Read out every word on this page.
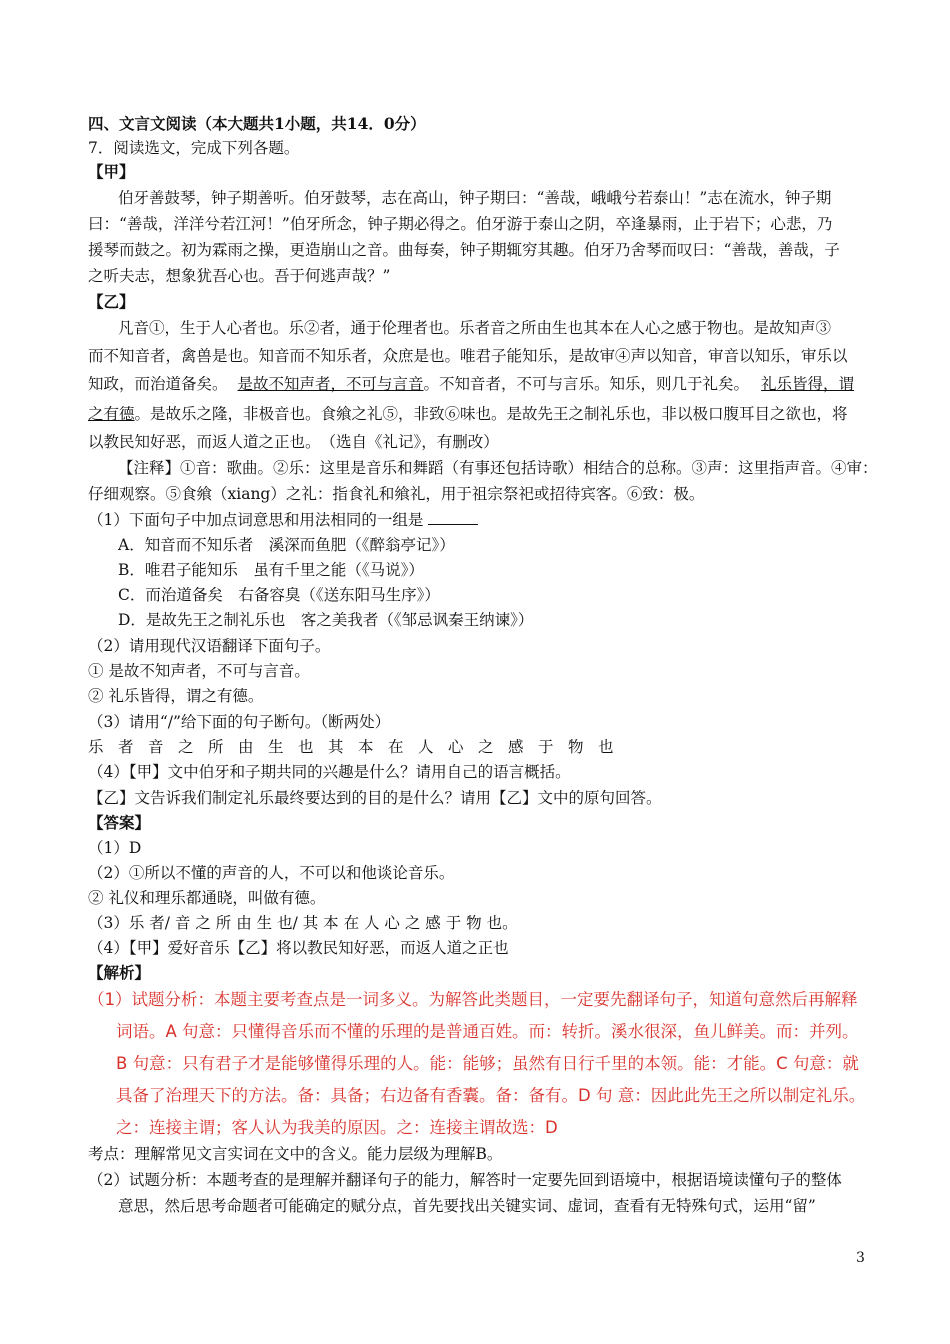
四、文言文阅读（本大题共1小题，共14．0分）
7．阅读选文，完成下列各题。
【甲】
伯牙善鼓琴，钟子期善听。伯牙鼓琴，志在高山，钟子期曰：“善哉，峨峨兮若泰山！”志在流水，钟子期
曰：“善哉，洋洋兮若江河！”伯牙所念，钟子期必得之。伯牙游于泰山之阴，卒逢暴雨，止于岩下；心悲，乃
援琴而鼓之。初为霖雨之操，更造崩山之音。曲每奏，钟子期辄穷其趣。伯牙乃舍琴而叹曰：“善哉，善哉，子
之听夫志，想象犹吾心也。吾于何逃声哉？”
【乙】
凡音①，生于人心者也。乐②者，通于伦理者也。乐者音之所由生也其本在人心之感于物也。是故知声③
而不知音者，禽兽是也。知音而不知乐者，众庶是也。唯君子能知乐，是故审④声以知音，审音以知乐，审乐以
知政，而治道备矣。 是故不知声者，不可与言音。不知音者，不可与言乐。知乐，则几于礼矣。 礼乐皆得，谓
之有德。是故乐之隆，非极音也。食飨之礼⑤，非致⑥味也。是故先王之制礼乐也，非以极口腹耳目之欲也，将
以教民知好恶，而返人道之正也。　（选自《礼记》，有删改）
【注释】①音：歌曲。②乐：这里是音乐和舞蹈（有事还包括诗歌）相结合的总称。③声：这里指声音。④审：
仔细观察。⑤食飨（xiang）之礼：指食礼和飨礼，用于祖宗祭祀或招待宾客。⑥致：极。
（1）下面句子中加点词意思和用法相同的一组是
A．知音而不知乐者　溪深而鱼肥（《醉翁亭记》）
B．唯君子能知乐　虽有千里之能（《马说》）
C．而治道备矣　右备容臭（《送东阳马生序》）
D．是故先王之制礼乐也　客之美我者（《邹忌讽秦王纳谏》）
（2）请用现代汉语翻译下面句子。
① 是故不知声者，不可与言音。
② 礼乐皆得，谓之有德。
（3）请用“/”给下面的句子断句。（断两处）
乐者音之所由生也其本在人心之感于物也
（4）【甲】文中伯牙和子期共同的兴趣是什么？请用自己的语言概括。
【乙】文告诉我们制定礼乐最终要达到的目的是什么？请用【乙】文中的原句回答。
【答案】
（1）D
（2）①所以不懂的声音的人，不可以和他谈论音乐。
② 礼仪和理乐都通晓，叫做有德。
（3）乐 者/ 音 之 所 由 生 也/ 其 本 在 人 心 之 感 于 物 也。
（4）【甲】爱好音乐【乙】将以教民知好恶，而返人道之正也
【解析】
（1）试题分析：本题主要考查点是一词多义。为解答此类题目，一定要先翻译句子，知道句意然后再解释
词语。A 句意：只懂得音乐而不懂的乐理的是普通百姓。而：转折。溪水很深，鱼儿鲜美。而：并列。
B 句意：只有君子才是能够懂得乐理的人。能：能够；虽然有日行千里的本领。能：才能。C 句意：就
具备了治理天下的方法。备：具备；右边备有香囊。备：备有。D 句 意：因此此先王之所以制定礼乐。
之：连接主谓；客人认为我美的原因。之：连接主谓故选：D
考点：理解常见文言实词在文中的含义。能力层级为理解B。
（2）试题分析：本题考查的是理解并翻译句子的能力，解答时一定要先回到语境中，根据语境读懂句子的整体
意思，然后思考命题者可能确定的赋分点，首先要找出关键实词、虚词，查看有无特殊句式，运用“留”
3
